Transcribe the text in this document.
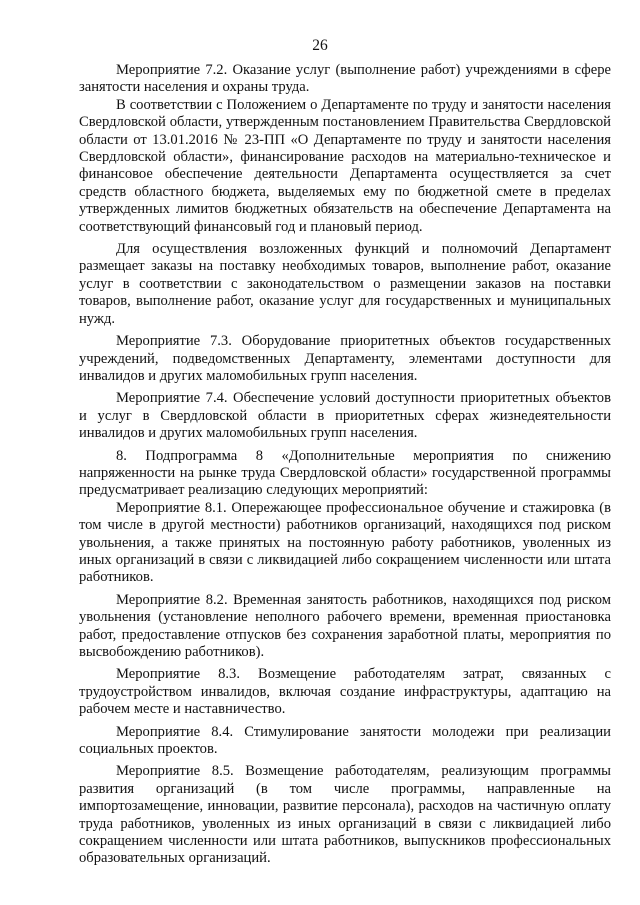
26

Мероприятие 7.2. Оказание услуг (выполнение работ) учреждениями в сфере занятости населения и охраны труда.

В соответствии с Положением о Департаменте по труду и занятости населения Свердловской области, утвержденным постановлением Правительства Свердловской области от 13.01.2016 № 23-ПП «О Департаменте по труду и занятости населения Свердловской области», финансирование расходов на материально-техническое и финансовое обеспечение деятельности Департамента осуществляется за счет средств областного бюджета, выделяемых ему по бюджетной смете в пределах утвержденных лимитов бюджетных обязательств на обеспечение Департамента на соответствующий финансовый год и плановый период.

Для осуществления возложенных функций и полномочий Департамент размещает заказы на поставку необходимых товаров, выполнение работ, оказание услуг в соответствии с законодательством о размещении заказов на поставки товаров, выполнение работ, оказание услуг для государственных и муниципальных нужд.

Мероприятие 7.3. Оборудование приоритетных объектов государственных учреждений, подведомственных Департаменту, элементами доступности для инвалидов и других маломобильных групп населения.

Мероприятие 7.4. Обеспечение условий доступности приоритетных объектов и услуг в Свердловской области в приоритетных сферах жизнедеятельности инвалидов и других маломобильных групп населения.

8. Подпрограмма 8 «Дополнительные мероприятия по снижению напряженности на рынке труда Свердловской области» государственной программы предусматривает реализацию следующих мероприятий:

Мероприятие 8.1. Опережающее профессиональное обучение и стажировка (в том числе в другой местности) работников организаций, находящихся под риском увольнения, а также принятых на постоянную работу работников, уволенных из иных организаций в связи с ликвидацией либо сокращением численности или штата работников.

Мероприятие 8.2. Временная занятость работников, находящихся под риском увольнения (установление неполного рабочего времени, временная приостановка работ, предоставление отпусков без сохранения заработной платы, мероприятия по высвобождению работников).

Мероприятие 8.3. Возмещение работодателям затрат, связанных с трудоустройством инвалидов, включая создание инфраструктуры, адаптацию на рабочем месте и наставничество.

Мероприятие 8.4. Стимулирование занятости молодежи при реализации социальных проектов.

Мероприятие 8.5. Возмещение работодателям, реализующим программы развития организаций (в том числе программы, направленные на импортозамещение, инновации, развитие персонала), расходов на частичную оплату труда работников, уволенных из иных организаций в связи с ликвидацией либо сокращением численности или штата работников, выпускников профессиональных образовательных организаций.
